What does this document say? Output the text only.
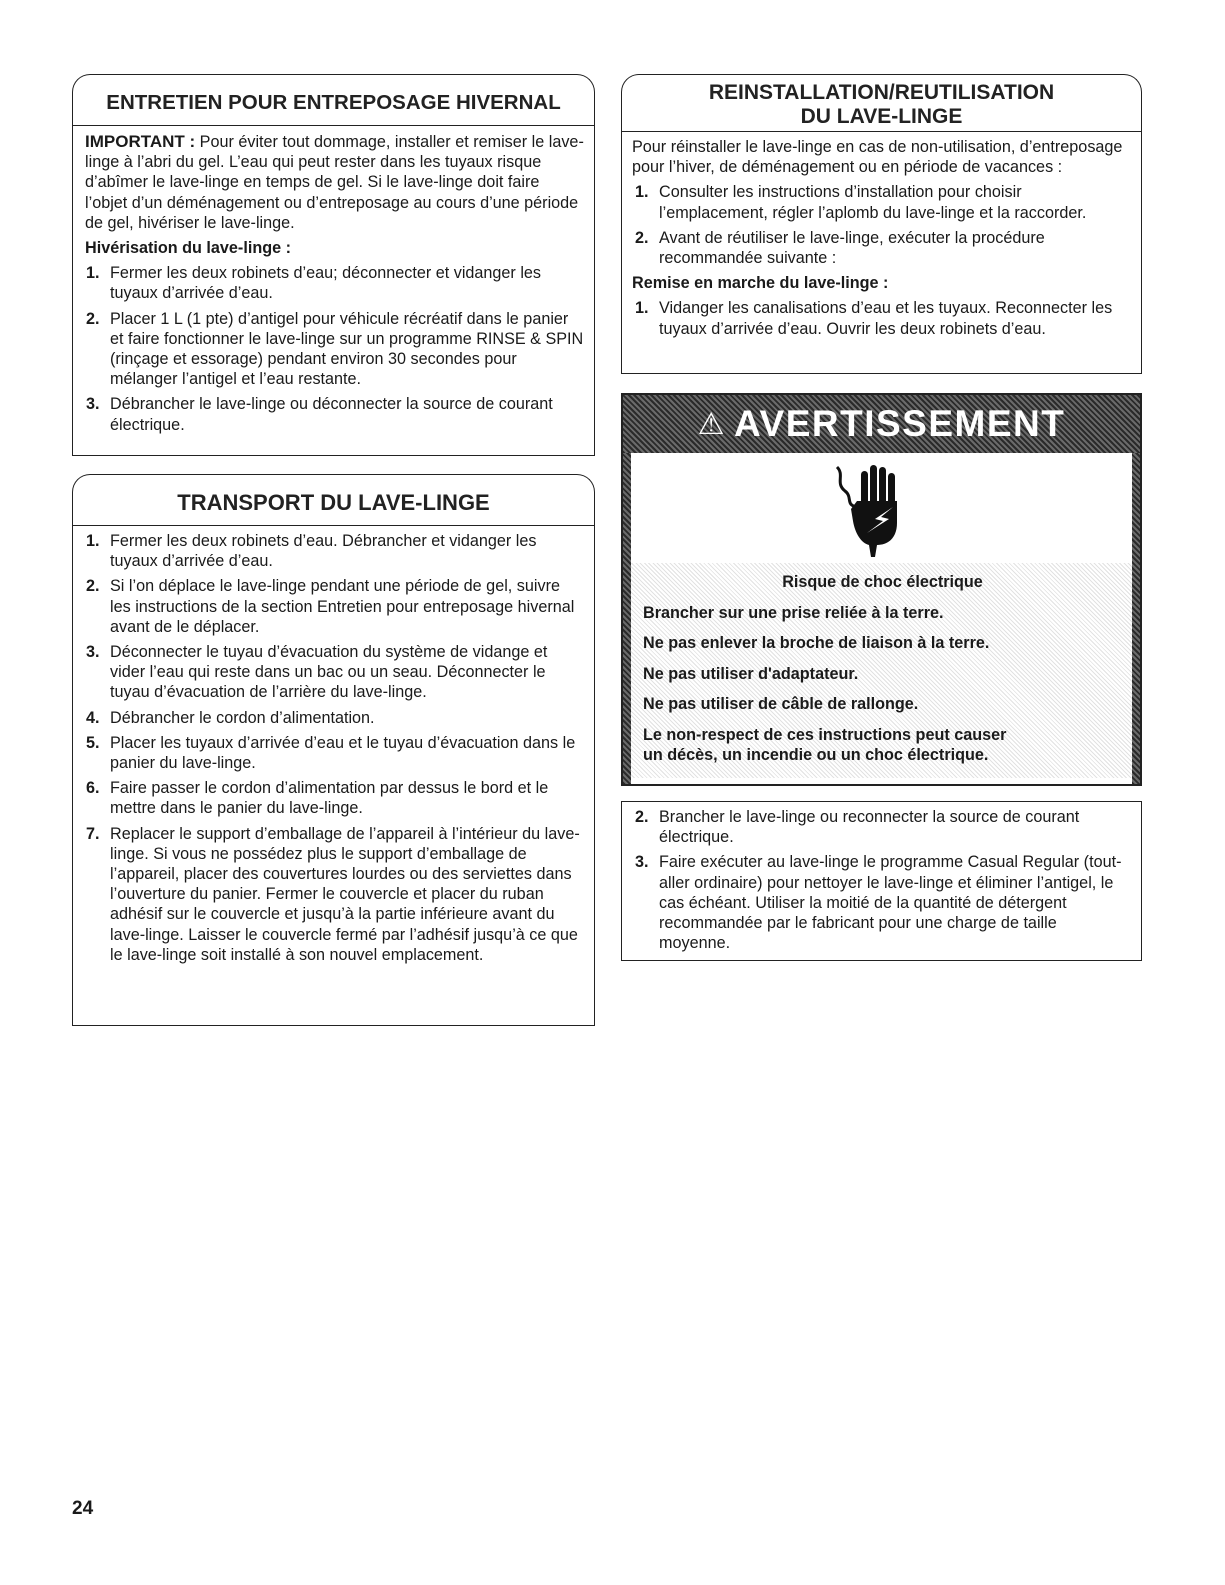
ENTRETIEN POUR ENTREPOSAGE HIVERNAL

IMPORTANT : Pour éviter tout dommage, installer et remiser le lave-linge à l’abri du gel. L’eau qui peut rester dans les tuyaux risque d’abîmer le lave-linge en temps de gel. Si le lave-linge doit faire l’objet d’un déménagement ou d’entreposage au cours d’une période de gel, hivériser le lave-linge.

Hivérisation du lave-linge :
1. Fermer les deux robinets d’eau; déconnecter et vidanger les tuyaux d’arrivée d’eau.
2. Placer 1 L (1 pte) d’antigel pour véhicule récréatif dans le panier et faire fonctionner le lave-linge sur un programme RINSE & SPIN (rinçage et essorage) pendant environ 30 secondes pour mélanger l’antigel et l’eau restante.
3. Débrancher le lave-linge ou déconnecter la source de courant électrique.
TRANSPORT DU LAVE-LINGE
1. Fermer les deux robinets d’eau. Débrancher et vidanger les tuyaux d’arrivée d’eau.
2. Si l’on déplace le lave-linge pendant une période de gel, suivre les instructions de la section Entretien pour entreposage hivernal avant de le déplacer.
3. Déconnecter le tuyau d’évacuation du système de vidange et vider l’eau qui reste dans un bac ou un seau. Déconnecter le tuyau d’évacuation de l’arrière du lave-linge.
4. Débrancher le cordon d’alimentation.
5. Placer les tuyaux d’arrivée d’eau et le tuyau d’évacuation dans le panier du lave-linge.
6. Faire passer le cordon d’alimentation par dessus le bord et le mettre dans le panier du lave-linge.
7. Replacer le support d’emballage de l’appareil à l’intérieur du lave-linge. Si vous ne possédez plus le support d’emballage de l’appareil, placer des couvertures lourdes ou des serviettes dans l’ouverture du panier. Fermer le couvercle et placer du ruban adhésif sur le couvercle et jusqu’à la partie inférieure avant du lave-linge. Laisser le couvercle fermé par l’adhésif jusqu’à ce que le lave-linge soit installé à son nouvel emplacement.
REINSTALLATION/REUTILISATION
DU LAVE-LINGE

Pour réinstaller le lave-linge en cas de non-utilisation, d’entreposage pour l’hiver, de déménagement ou en période de vacances :

1. Consulter les instructions d’installation pour choisir l’emplacement, régler l’aplomb du lave-linge et la raccorder.
2. Avant de réutiliser le lave-linge, exécuter la procédure recommandée suivante :
Remise en marche du lave-linge :
1. Vidanger les canalisations d’eau et les tuyaux. Reconnecter les tuyaux d’arrivée d’eau. Ouvrir les deux robinets d’eau.
⚠ AVERTISSEMENT
Risque de choc électrique
Brancher sur une prise reliée à la terre.
Ne pas enlever la broche de liaison à la terre.
Ne pas utiliser d'adaptateur.
Ne pas utiliser de câble de rallonge.
Le non-respect de ces instructions peut causer
un décès, un incendie ou un choc électrique.
2. Brancher le lave-linge ou reconnecter la source de courant électrique.
3. Faire exécuter au lave-linge le programme Casual Regular (tout-aller ordinaire) pour nettoyer le lave-linge et éliminer l’antigel, le cas échéant. Utiliser la moitié de la quantité de détergent recommandée par le fabricant pour une charge de taille moyenne.
24
